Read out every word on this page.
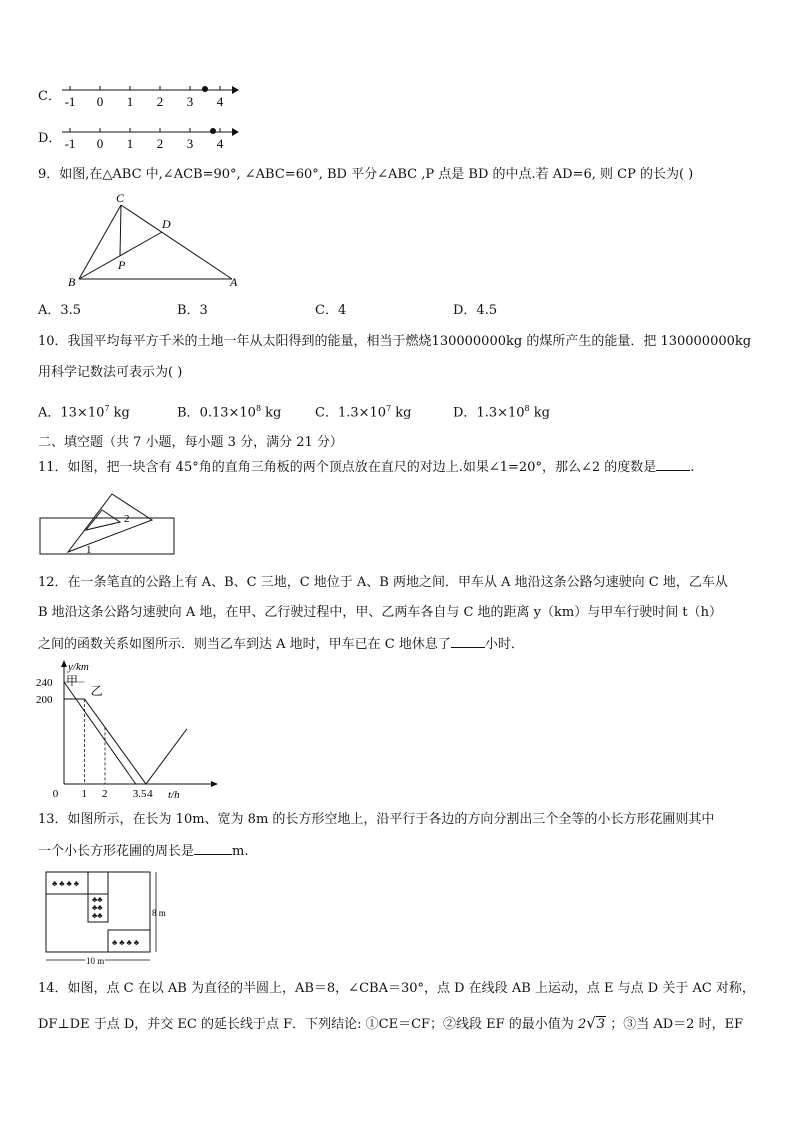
C． -1 0 1 2 3 4
D． -1 0 1 2 3 4
9．如图,在△ABC 中,∠ACB=90°, ∠ABC=60°, BD 平分∠ABC ,P 点是 BD 的中点.若 AD=6, 则 CP 的长为( )
C
D
P
B	A
A．3.5	B．3	C．4	D．4.5
10．我国平均每平方千米的土地一年从太阳得到的能量，相当于燃烧130000000kg 的煤所产生的能量．把 130000000kg
用科学记数法可表示为( )
A．$13\times 10^7$ kg	B．$0.13\times 10^8$ kg	C．$1.3\times 10^7$ kg	D．$1.3\times 10^8$ kg
二、填空题（共 7 小题，每小题 3 分，满分 21 分）
11．如图，把一块含有 45°角的直角三角板的两个顶点放在直尺的对边上.如果∠1=20°，那么∠2 的度数是	.
2
1
12．在一条笔直的公路上有 A、B、C 三地，C 地位于 A、B 两地之间．甲车从 A 地沿这条公路匀速驶向 C 地，乙车从
B 地沿这条公路匀速驶向 A 地，在甲、乙行驶过程中，甲、乙两车各自与 C 地的距离 y（km）与甲车行驶时间 t（h）
之间的函数关系如图所示．则当乙车到达 A 地时，甲车已在 C 地休息了	小时．
y/km
t/h
甲
乙
240
200
0 1 2 3.5 4
13．如图所示，在长为 10m、宽为 8m 的长方形空地上，沿平行于各边的方向分割出三个全等的小长方形花圃则其中
一个小长方形花圃的周长是	m.
♣ ♣ ♣ ♣
♣♣
♣♣
♣♣
♣ ♣ ♣ ♣
8 m
10 m
14．如图，点 C 在以 AB 为直径的半圆上，AB＝8，∠CBA＝30°，点 D 在线段 AB 上运动，点 E 与点 D 关于 AC 对称，
DF⊥DE 于点 D，并交 EC 的延长线于点 F．下列结论: ①CE＝CF；②线段 EF 的最小值为 2√3 ；③当 AD＝2 时，EF
